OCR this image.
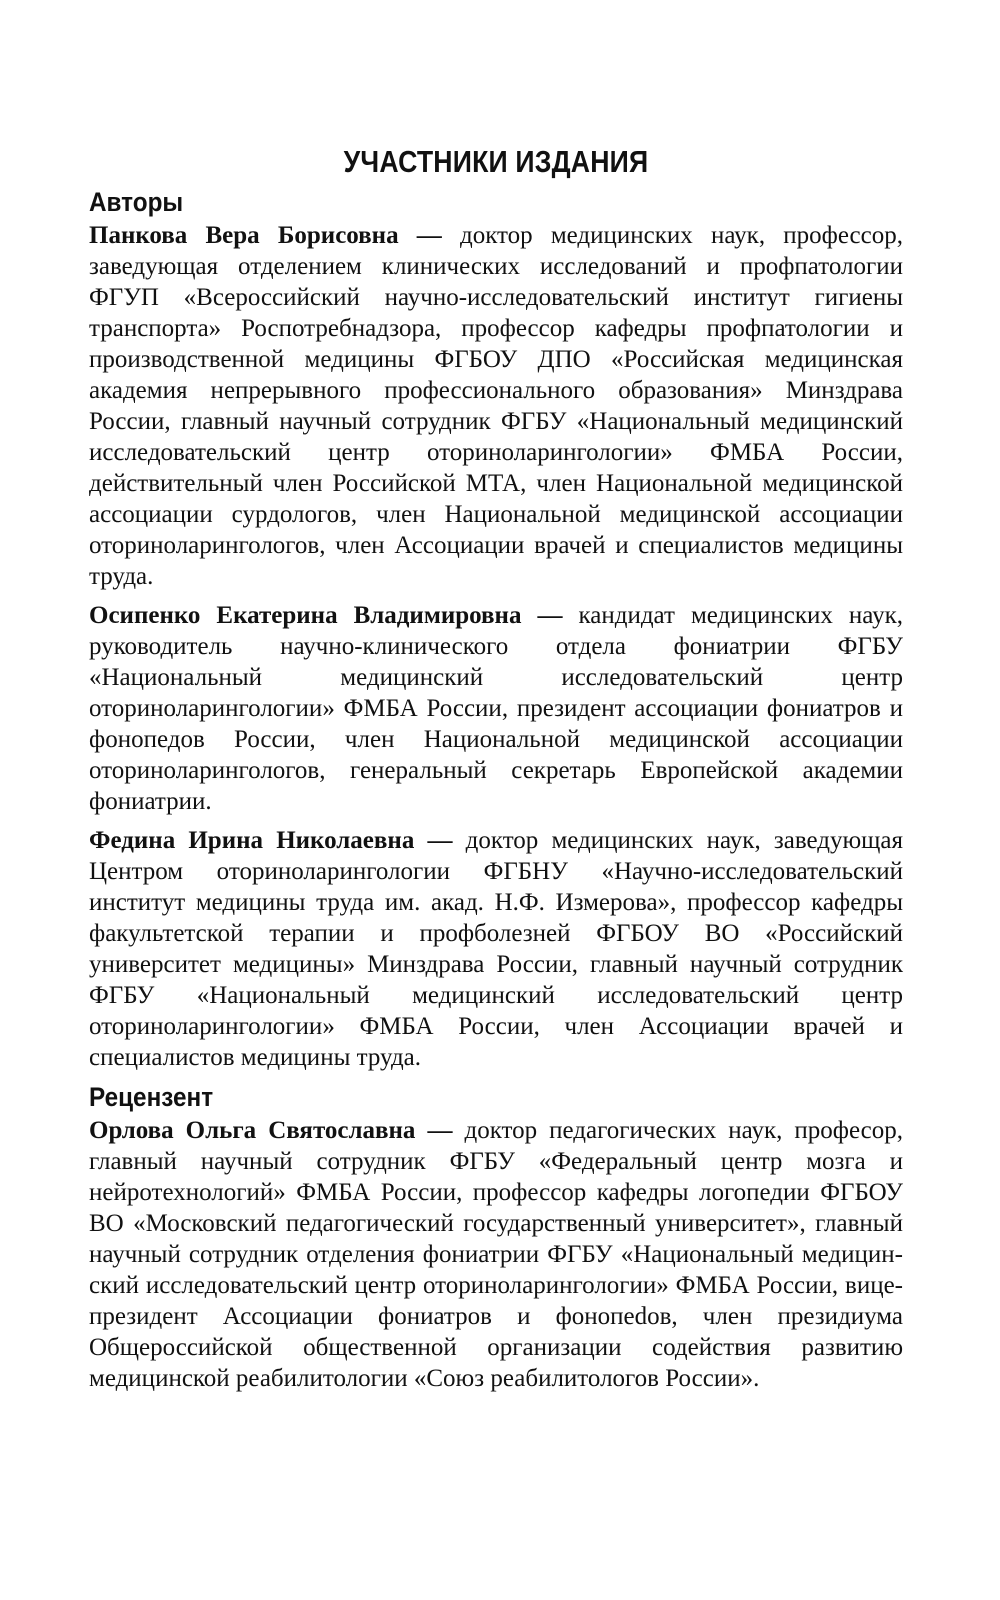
УЧАСТНИКИ ИЗДАНИЯ
Авторы

Панкова Вера Борисовна — доктор медицинских наук, профессор, заведующая отделением клинических исследований и профпатологии ФГУП «Всероссийский научно-исследовательский институт гигиены транспорта» Роспотребнадзора, профессор кафедры профпатологии и производственной медицины ФГБОУ ДПО «Российская медицинская академия непрерывного профессионального образования» Минздрава России, главный научный сотрудник ФГБУ «Национальный медицинский исследовательский центр оториноларингологии» ФМБА России, действительный член Российской МТА, член Национальной медицинской ассоциации сурдологов, член Национальной медицинской ассоциации оториноларингологов, член Ассоциации врачей и специалистов медицины труда.

Осипенко Екатерина Владимировна — кандидат медицинских наук, руководитель научно-клинического отдела фониатрии ФГБУ «Национальный медицинский исследовательский центр оториноларингологии» ФМБА России, президент ассоциации фониатров и фонопедов России, член Национальной медицинской ассоциации оториноларингологов, генеральный секретарь Европейской академии фониатрии.

Федина Ирина Николаевна — доктор медицинских наук, заведующая Центром оториноларингологии ФГБНУ «Научно-исследовательский институт медицины труда им. акад. Н.Ф. Измерова», профессор кафедры факультетской терапии и профболезней ФГБОУ ВО «Российский университет медицины» Минздрава России, главный научный сотрудник ФГБУ «Национальный медицинский исследовательский центр оториноларингологии» ФМБА России, член Ассоциации врачей и специалистов медицины труда.

Рецензент

Орлова Ольга Святославна — доктор педагогических наук, професор, главный научный сотрудник ФГБУ «Федеральный центр мозга и нейротехнологий» ФМБА России, профессор кафедры логопедии ФГБОУ ВО «Московский педагогический государственный университет», главный научный сотрудник отделения фониатрии ФГБУ «Национальный медицинский исследовательский центр оториноларингологии» ФМБА России, вице-президент Ассоциации фониатров и фонопеdов, член президиума Общероссийской общественной организации содействия развитию медицинской реабилитологии «Союз реабилитологов России».
